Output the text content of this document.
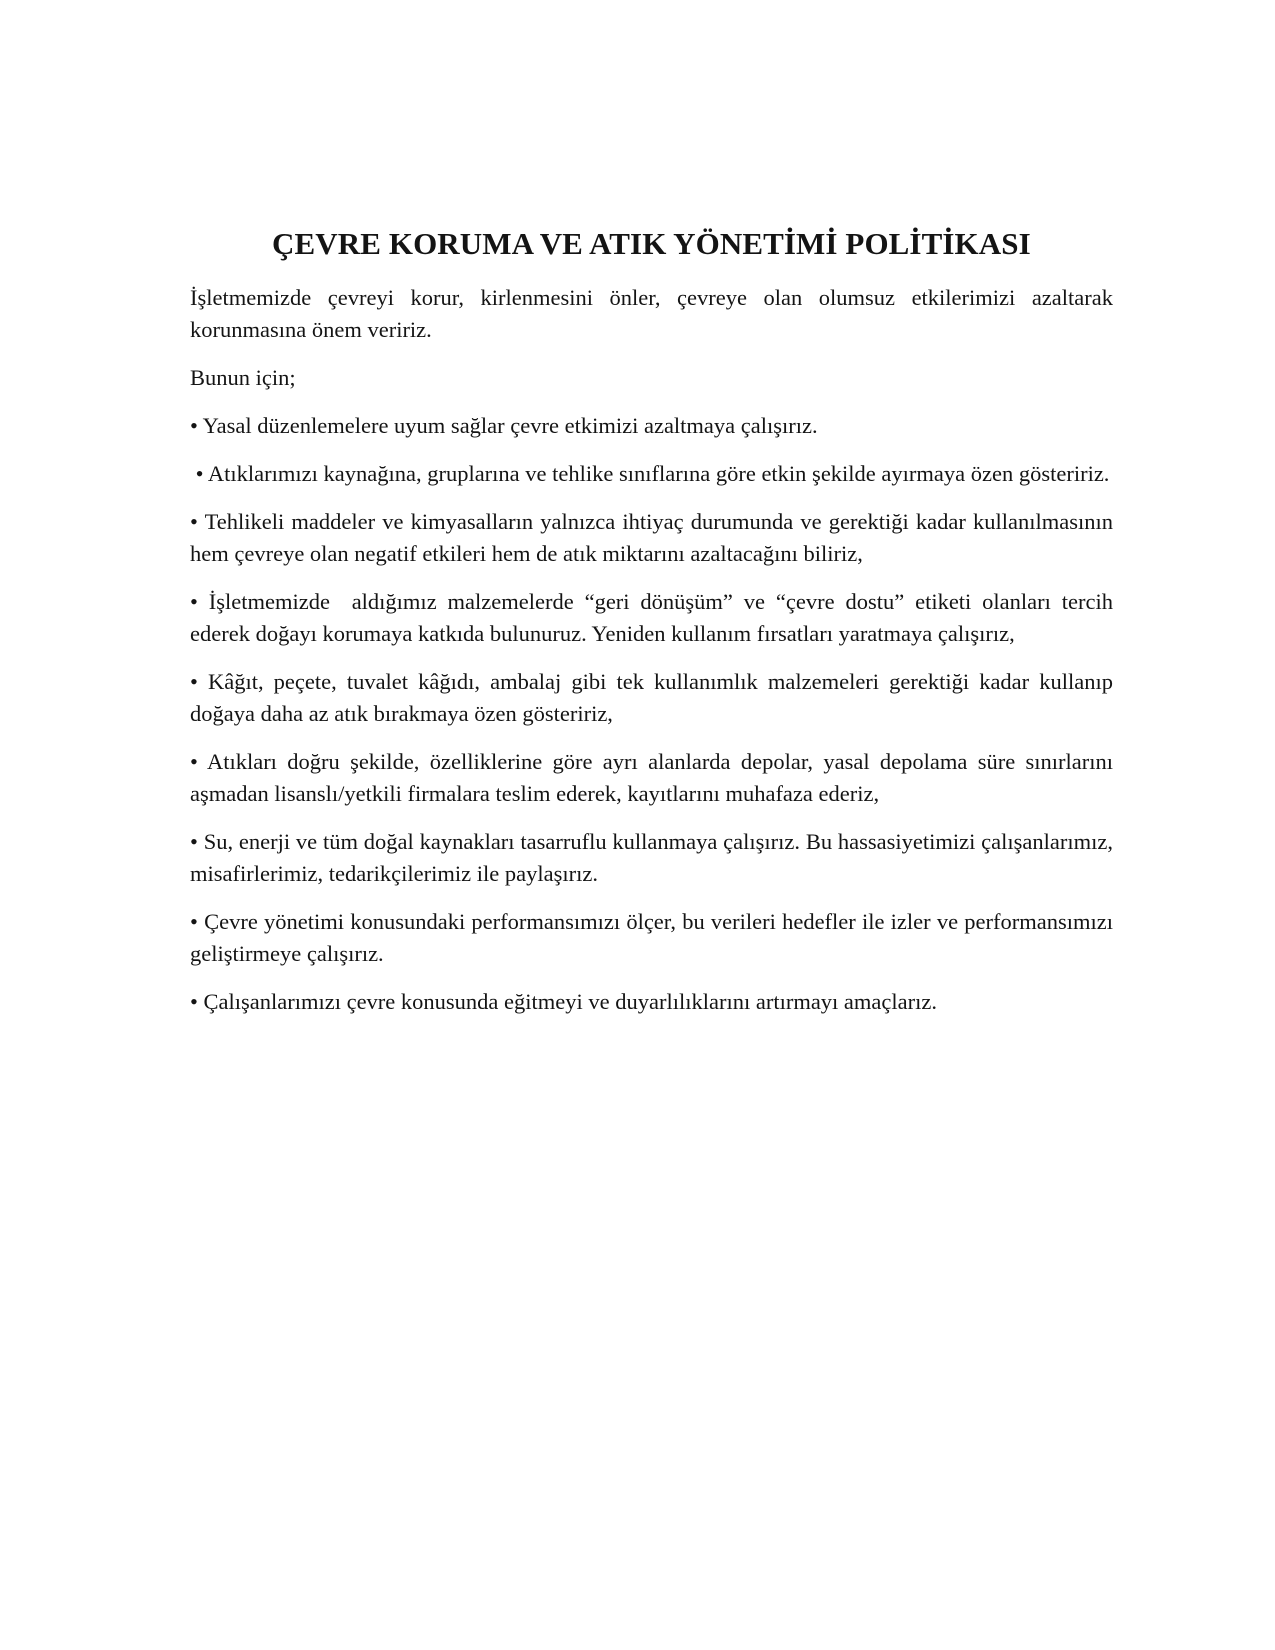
ÇEVRE KORUMA VE ATIK YÖNETİMİ POLİTİKASI

İşletmemizde çevreyi korur, kirlenmesini önler, çevreye olan olumsuz etkilerimizi azaltarak korunmasına önem veririz.

Bunun için;

• Yasal düzenlemelere uyum sağlar çevre etkimizi azaltmaya çalışırız.

• Atıklarımızı kaynağına, gruplarına ve tehlike sınıflarına göre etkin şekilde ayırmaya özen gösteririz.

• Tehlikeli maddeler ve kimyasalların yalnızca ihtiyaç durumunda ve gerektiği kadar kullanılmasının hem çevreye olan negatif etkileri hem de atık miktarını azaltacağını biliriz,

• İşletmemizde  aldığımız malzemelerde “geri dönüşüm” ve “çevre dostu” etiketi olanları tercih ederek doğayı korumaya katkıda bulunuruz. Yeniden kullanım fırsatları yaratmaya çalışırız,

• Kâğıt, peçete, tuvalet kâğıdı, ambalaj gibi tek kullanımlık malzemeleri gerektiği kadar kullanıp doğaya daha az atık bırakmaya özen gösteririz,

• Atıkları doğru şekilde, özelliklerine göre ayrı alanlarda depolar, yasal depolama süre sınırlarını aşmadan lisanslı/yetkili firmalara teslim ederek, kayıtlarını muhafaza ederiz,

• Su, enerji ve tüm doğal kaynakları tasarruflu kullanmaya çalışırız. Bu hassasiyetimizi çalışanlarımız, misafirlerimiz, tedarikçilerimiz ile paylaşırız.

• Çevre yönetimi konusundaki performansımızı ölçer, bu verileri hedefler ile izler ve performansımızı geliştirmeye çalışırız.

• Çalışanlarımızı çevre konusunda eğitmeyi ve duyarlılıklarını artırmayı amaçlarız.
